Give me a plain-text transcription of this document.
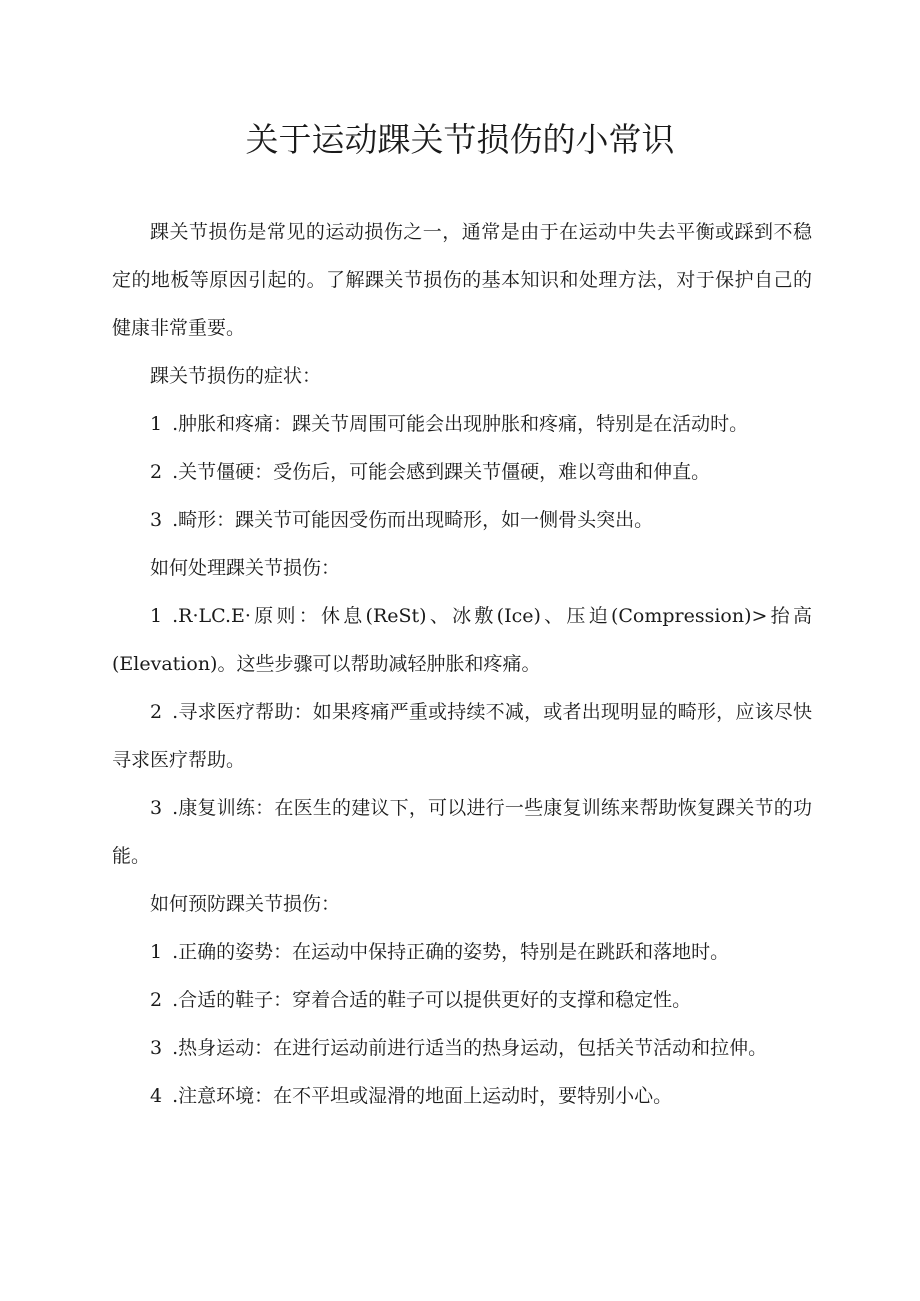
关于运动踝关节损伤的小常识

踝关节损伤是常见的运动损伤之一，通常是由于在运动中失去平衡或踩到不稳定的地板等原因引起的。了解踝关节损伤的基本知识和处理方法，对于保护自己的健康非常重要。

踝关节损伤的症状：

1 .肿胀和疼痛：踝关节周围可能会出现肿胀和疼痛，特别是在活动时。

2 .关节僵硬：受伤后，可能会感到踝关节僵硬，难以弯曲和伸直。

3 .畸形：踝关节可能因受伤而出现畸形，如一侧骨头突出。

如何处理踝关节损伤：

1 .R·LC.E·原则：休息(ReSt)、冰敷(Ice)、压迫(Compression)>抬高(Elevation)。这些步骤可以帮助减轻肿胀和疼痛。

2 .寻求医疗帮助：如果疼痛严重或持续不减，或者出现明显的畸形，应该尽快寻求医疗帮助。

3 .康复训练：在医生的建议下，可以进行一些康复训练来帮助恢复踝关节的功能。

如何预防踝关节损伤：

1 .正确的姿势：在运动中保持正确的姿势，特别是在跳跃和落地时。

2 .合适的鞋子：穿着合适的鞋子可以提供更好的支撑和稳定性。

3 .热身运动：在进行运动前进行适当的热身运动，包括关节活动和拉伸。

4 .注意环境：在不平坦或湿滑的地面上运动时，要特别小心。
